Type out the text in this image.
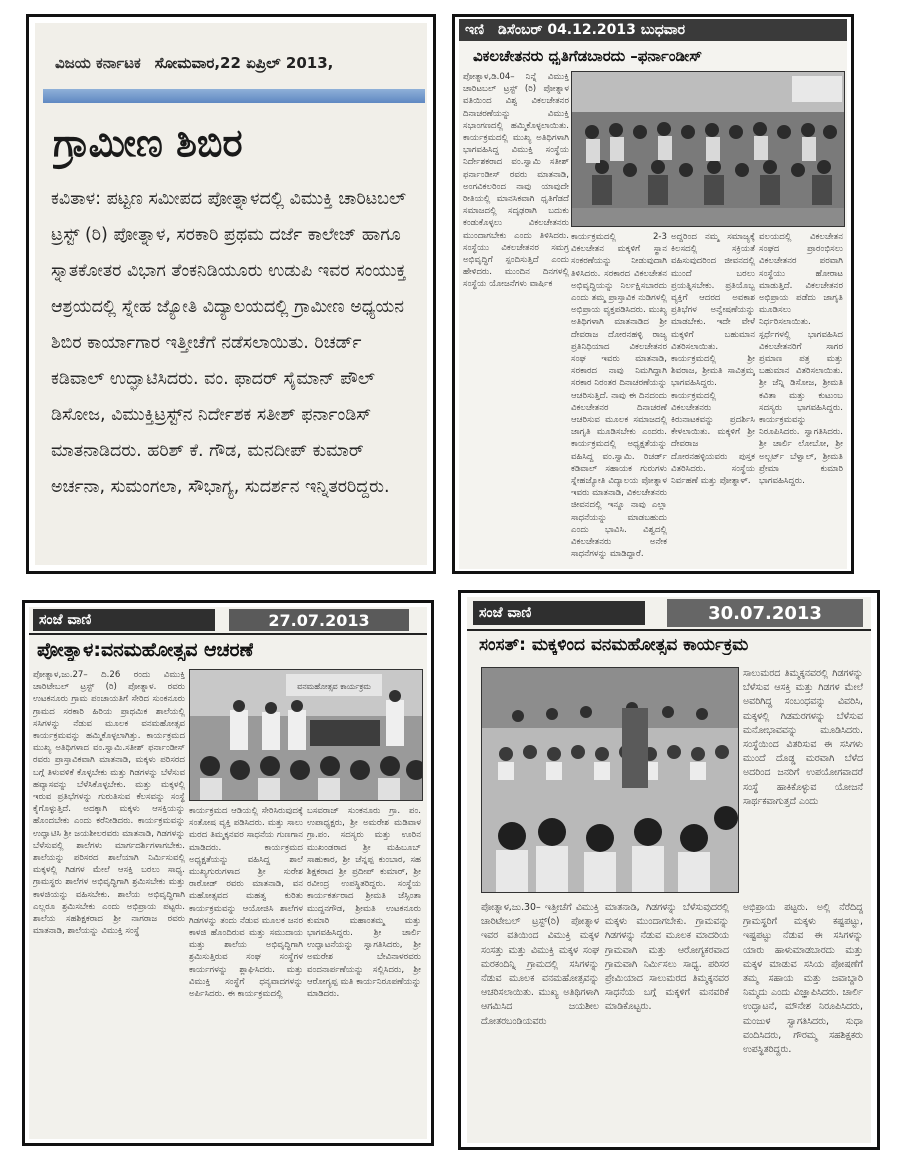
ವಿಜಯ ಕರ್ನಾಟಕ ಸೋಮವಾರ,22 ಏಪ್ರಿಲ್ 2013,
ಗ್ರಾಮೀಣ ಶಿಬಿರ
ಕವಿತಾಳ: ಪಟ್ಟಣ ಸಮೀಪದ ಪೋತ್ನಾಳದಲ್ಲಿ ವಿಮುಕ್ತಿ ಚಾರಿಟಬಲ್ ಟ್ರಸ್ಟ್ (ರಿ) ಪೋತ್ನಾಳ, ಸರಕಾರಿ ಪ್ರಥಮ ದರ್ಜೆ ಕಾಲೇಜ್ ಹಾಗೂ ಸ್ನಾತಕೋತರ ವಿಭಾಗ ತೆಂಕನಿಡಿಯೂರು ಉಡುಪಿ ಇವರ ಸಂಯುಕ್ತ ಆಶ್ರಯದಲ್ಲಿ ಸ್ನೇಹ ಜ್ಯೋತಿ ವಿದ್ಯಾಲಯದಲ್ಲಿ ಗ್ರಾಮೀಣ ಅಧ್ಯಯನ ಶಿಬಿರ ಕಾರ್ಯಾಗಾರ ಇತ್ತೀಚೆಗೆ ನಡೆಸಲಾಯಿತು. ರಿಚರ್ಡ್ ಕಡಿವಾಲ್ ಉದ್ಘಾಟಿಸಿದರು. ವಂ. ಫಾದರ್ ಸೈಮಾನ್ ಪೌಲ್ ಡಿಸೋಜ, ವಿಮುಕ್ತಿಟ್ರಸ್ಟ್‌ನ ನಿರ್ದೇಶಕ ಸತೀಶ್ ಫರ್ನಾಂಡಿಸ್ ಮಾತನಾಡಿದರು. ಹರಿಶ್ ಕೆ. ಗೌಡ, ಮನದೀಪ್ ಕುಮಾರ್ ಅರ್ಚನಾ, ಸುಮಂಗಲಾ, ಸೌಭಾಗ್ಯ, ಸುದರ್ಶನ ಇನ್ನಿತರರಿದ್ದರು.
ಇಣಿ ಡಿಸೆಂಬರ್ 04.12.2013 ಬುಧವಾರ
ವಿಕಲಚೇತನರು ಧೃತಿಗೆಡಬಾರದು –ಫರ್ನಾಂಡೀಸ್
ಪೋತ್ನಾಳ,ಡಿ.04– ನಿನ್ನೆ ವಿಮುಕ್ತಿ ಚಾರಿಟಬಲ್ ಟ್ರಸ್ಟ್ (ರಿ) ಪೋತ್ನಾಳ ವತಿಯಿಂದ ವಿಶ್ವ ವಿಕಲಚೇತನರ ದಿನಾಚರಣೆಯನ್ನು ವಿಮುಕ್ತಿ ಸಭಾಂಗಣದಲ್ಲಿ ಹಮ್ಮಿಕೊಳ್ಳಲಾಯಿತು. ಕಾರ್ಯಕ್ರಮದಲ್ಲಿ ಮುಖ್ಯ ಅತಿಥಿಗಳಾಗಿ ಭಾಗವಹಿಸಿದ್ದ ವಿಮುಕ್ತಿ ಸಂಸ್ಥೆಯ ನಿರ್ದೇಶಕರಾದ ವಂ.ಸ್ವಾಮಿ ಸತೀಶ್ ಫರ್ನಾಂಡೀಸ್ ರವರು ಮಾತನಾಡಿ, ಅಂಗವಿಕಲರಿಂದ ನಾವು ಯಾವುದೇ ರೀತಿಯಲ್ಲಿ ಮಾನಸಿಕವಾಗಿ ಧೃತಿಗೆಡದೆ ಸಮಾಜದಲ್ಲಿ ಸದೃಢರಾಗಿ ಬದುಕು ಕಂಡುಕೊಳ್ಳಲು ವಿಕಲಚೇತನರು ಮುಂದಾಗಬೇಕು ಎಂದು ತಿಳಿಸಿದರು. ಸಂಸ್ಥೆಯು ವಿಕಲಚೇತನರ ಸಮಗ್ರ ಅಭಿವೃದ್ಧಿಗೆ ಸ್ಪಂದಿಸುತ್ತಿದೆ ಎಂದು ಹೇಳಿದರು. ಮುಂದಿನ ದಿನಗಳಲ್ಲಿ ಸಂಸ್ಥೆಯ ಯೋಜನೆಗಳು ವಾರ್ಷಿಕ
ಕಾರ್ಯಕ್ರಮದಲ್ಲಿ 2-3 ವಿಕಲಚೇತನ ಮಕ್ಕಳಿಗೆ ಸ್ಥಾನ ಸಂಕರಣೆಯನ್ನು ನೀಡುವುದಾಗಿ ತಿಳಿಸಿದರು. ಸರಕಾರದ ವಿಕಲಚೇತನ ಅಭಿವೃದ್ಧಿಯನ್ನು ನಿರ್ಲಕ್ಷಿಸಬಾರದು ಎಂದು ತಮ್ಮ ಪ್ರಾಸ್ತಾವಿಕ ನುಡಿಗಳಲ್ಲಿ ಅಭಿಪ್ರಾಯ ವ್ಯಕ್ತಪಡಿಸಿದರು. ಮುಖ್ಯ ಅತಿಥಿಗಳಾಗಿ ಮಾತನಾಡಿದ ಶ್ರೀ ದೇವರಾಜ ದೋರನಹಳ್ಳಿ ರಾಜ್ಯ ಪ್ರತಿನಿಧಿಯಾದ ವಿಕಲಚೇತನರ ಸಂಘ ಇವರು ಮಾತನಾಡಿ, ಸರಕಾರದ ನಾವು ನಿಮಗಿದ್ದಾಗಿ ಸರಕಾರ ನಿರಂತರ ದಿನಾಚರಣೆಯನ್ನು ಆಚರಿಸುತ್ತಿದೆ. ನಾವು ಈ ದಿನದಂದು ವಿಕಲಚೇತನರ ದಿನಾಚರಣೆ ಆಚರಿಸುವ ಮೂಲಕ ಸಮಾಜದಲ್ಲಿ ಜಾಗೃತಿ ಮೂಡಿಸಬೇಕು ಎಂದರು. ಕಾರ್ಯಕ್ರಮದಲ್ಲಿ ಅಧ್ಯಕ್ಷತೆಯನ್ನು ವಹಿಸಿದ್ದ ವಂ.ಸ್ವಾಮಿ. ರಿಚರ್ಡ್ ಕಡಿವಾಲ್ ಸಹಾಯಕ ಗುರುಗಳು ಸ್ನೇಹಜ್ಯೋತಿ ವಿದ್ಯಾಲಯ ಪೋತ್ನಾಳ ಇವರು ಮಾತನಾಡಿ, ವಿಕಲಚೇತನರು ಜೀವನದಲ್ಲಿ ಇನ್ನೂ ನಾವು ಎಲ್ಲಾ ಸಾಧನೆಯನ್ನು ಮಾಡಬಹುದು ಎಂದು ಭಾವಿಸಿ. ವಿಶ್ವದಲ್ಲಿ ವಿಕಲಚೇತನರು ಅನೇಕ ಸಾಧನೆಗಳನ್ನು ಮಾಡಿದ್ದಾರೆ.
ಅದ್ದರಿಂದ ನಮ್ಮ ಸಮಾಜ್ಯಕ್ಕೆ ಕಿಲಸದಲ್ಲಿ ಸಕ್ರಿಯತೆ ವಹಿಸುವುದರಿಂದ ಜೀವನದಲ್ಲಿ ಮುಂದೆ ಬರಲು ಪ್ರಯತ್ನಿಸಬೇಕು. ಪ್ರತಿಯೊಬ್ಬ ವ್ಯಕ್ತಿಗೆ ಆದರದ ಅವಕಾಶ ಪ್ರತಿಭೆಗಳ ಅನ್ವೇಷಣೆಯನ್ನು ಮಾಡಬೇಕು. ಇದೇ ವೇಳೆ ಮಕ್ಕಳಿಗೆ ಬಹುಮಾನ ವಿತರಿಸಲಾಯಿತು. ಕಾರ್ಯಕ್ರಮದಲ್ಲಿ ಶ್ರೀ ಶಿವರಾಜ, ಶ್ರೀಮತಿ ಸಾವಿತ್ರಮ್ಮ ಭಾಗವಹಿಸಿದ್ದರು. ಕಾರ್ಯಕ್ರಮದಲ್ಲಿ ವಿಕಲಚೇತನರು ಕಿರುನಾಟಕವನ್ನು ಪ್ರದರ್ಶಿಸಿ ಕೇಳಲಾಯಿತು. ಮಕ್ಕಳಿಗೆ ಶ್ರೀ ದೇವರಾಜ ದೋರನಹಳ್ಳಿಯವರು ಪುಸ್ತಕ ವಿತರಿಸಿದರು. ಸಂಸ್ಥೆಯ ನಿರ್ವಹಣೆ ಮತ್ತು ಪೋತ್ನಾಳ್.
ವಲಯದಲ್ಲಿ ವಿಕಲಚೇತನ ಸಂಘದ ಪ್ರಾರಂಭಿಸಲು ವಿಕಲಚೇತನರ ಪರವಾಗಿ ಸಂಸ್ಥೆಯು ಹೋರಾಟ ಮಾಡುತ್ತಿದೆ. ವಿಕಲಚೇತನರ ಅಭಿಪ್ರಾಯ ಪಡೆದು ಜಾಗೃತಿ ಮೂಡಿಸಲು ನಿರ್ಧರಿಸಲಾಯಿತು. ಸ್ಪರ್ಧೆಗಳಲ್ಲಿ ಭಾಗವಹಿಸಿದ ವಿಕಲಚೇತನರಿಗೆ ಸಾಗರ ಪ್ರಮಾಣ ಪತ್ರ ಮತ್ತು ಬಹುಮಾನ ವಿತರಿಸಲಾಯಿತು. ಶ್ರೀ ಜೆನ್ನಿ ಡಿಸೋಜ, ಶ್ರೀಮತಿ ಕವಿತಾ ಮತ್ತು ಕುಟುಂಬ ಸದಸ್ಯರು ಭಾಗವಹಿಸಿದ್ದರು. ಕಾರ್ಯಕ್ರಮವನ್ನು ನಿರೂಪಿಸಿದರು. ಸ್ವಾಗತಿಸಿದರು. ಶ್ರೀ ಚಾರ್ಲಿ ಲೋಬೋ, ಶ್ರೀ ಅಲ್ಬರ್ಟ್ ಬೆಳ್ವಾಲ್, ಶ್ರೀಮತಿ ಪ್ರೇಮಾ ಕುಮಾರಿ ಭಾಗವಹಿಸಿದ್ದರು.
ಸಂಜೆ ವಾಣಿ	27.07.2013
ಪೋತ್ನಾಳ:ವನಮಹೋತ್ಸವ ಆಚರಣೆ
ಪೋತ್ನಾಳ,ಜು.27– ದಿ.26 ರಂದು ವಿಮುಕ್ತಿ ಚಾರಿಟೇಬಲ್ ಟ್ರಸ್ಟ್ (ರಿ) ಪೋತ್ನಾಳ. ರವರು ಉಟಕನೂರು ಗ್ರಾಮ ಪಂಚಾಯತಿಗೆ ಸೇರಿದ ಸುಂಕನೂರು ಗ್ರಾಮದ ಸರಕಾರಿ ಹಿರಿಯ ಪ್ರಾಥಮಿಕ ಶಾಲೆಯಲ್ಲಿ ಸಸಿಗಳನ್ನು ನೆಡುವ ಮೂಲಕ ವನಮಹೋತ್ಸವ ಕಾರ್ಯಕ್ರಮವನ್ನು ಹಮ್ಮಿಕೊಳ್ಳಲಾಗಿತ್ತು. ಕಾರ್ಯಕ್ರಮದ ಮುಖ್ಯ ಅತಿಥಿಗಳಾದ ವಂ.ಸ್ವಾಮಿ.ಸತೀಶ್ ಫರ್ನಾಂಡೀಸ್ ರವರು ಪ್ರಾಸ್ತಾವಿಕವಾಗಿ ಮಾತನಾಡಿ, ಮಕ್ಕಳು ಪರಿಸರದ ಬಗ್ಗೆ ತಿಳುವಳಿಕೆ ಕೊಳ್ಳಬೇಕು ಮತ್ತು ಗಿಡಗಳನ್ನು ಬೆಳೆಸುವ ಹವ್ಯಾಸವನ್ನು ಬೆಳೆಸಿಕೊಳ್ಳಬೇಕು. ಮತ್ತು ಮಕ್ಕಳಲ್ಲಿ ಇರುವ ಪ್ರತಿಭೆಗಳನ್ನು ಗುರುತಿಸುವ ಕೆಲಸವನ್ನು ಸಂಸ್ಥೆ ಕೈಗೊಳ್ಳುತ್ತಿದೆ. ಅದಕ್ಕಾಗಿ ಮಕ್ಕಳು ಆಸಕ್ತಿಯನ್ನು ಹೊಂದಬೇಕು ಎಂದು ಕರೆನೀಡಿದರು. ಕಾರ್ಯಕ್ರಮವನ್ನು ಉದ್ಘಾಟಿಸಿ ಶ್ರೀ ಜಯಶೀಲರವರು ಮಾತನಾಡಿ, ಗಿಡಗಳನ್ನು ಬೆಳೆಸುವಲ್ಲಿ ಶಾಲೆಗಳು ಮಾರ್ಗದರ್ಶಿಗಳಾಗಬೇಕು. ಶಾಲೆಯನ್ನು ಪರಿಸರದ ಶಾಲೆಯಾಗಿ ನಿರ್ಮಿಸುವಲ್ಲಿ ಮಕ್ಕಳಲ್ಲಿ ಗಿಡಗಳ ಮೇಲೆ ಆಸಕ್ತಿ ಬರಲು ಸಾಧ್ಯ. ಗ್ರಾಮಸ್ಥರು ಶಾಲೆಗಳ ಅಭಿವೃದ್ಧಿಗಾಗಿ ಶ್ರಮಿಸಬೇಕು ಮತ್ತು ಕಾಳಜಿಯನ್ನು ವಹಿಸಬೇಕು. ಶಾಲೆಯ ಅಭಿವೃದ್ಧಿಗಾಗಿ ಎಲ್ಲರೂ ಶ್ರಮಿಸಬೇಕು ಎಂದು ಅಭಿಪ್ರಾಯ ಪಟ್ಟರು. ಶಾಲೆಯ ಸಹಶಿಕ್ಷಕರಾದ ಶ್ರೀ ನಾಗರಾಜ ರವರು ಮಾತನಾಡಿ, ಶಾಲೆಯನ್ನು ವಿಮುಕ್ತಿ ಸಂಸ್ಥೆ
ವನಮಹೋತ್ಸವ ಕಾರ್ಯಕ್ರಮ
ಕಾರ್ಯಕ್ರಮದ ಆಡಿಯಲ್ಲಿ ಸೇರಿಸಿರುವುದಕ್ಕೆ ಸಂತೋಷ ವ್ಯಕ್ತಿ ಪಡಿಸಿದರು. ಮತ್ತು ಸಾಲು ಮರದ ತಿಮ್ಮಕ್ಕನವರ ಸಾಧನೆಯ ಗುಣಗಾನ ಮಾಡಿದರು. ಕಾರ್ಯಕ್ರಮದ ಅಧ್ಯಕ್ಷತೆಯನ್ನು ವಹಿಸಿದ್ದ ಶಾಲೆ ಮುಖ್ಯಗುರುಗಳಾದ ಶ್ರೀ ಸುರೇಶ ರಾಠೋಡ್ ರವರು ಮಾತನಾಡಿ, ವನ ಮಹೋತ್ಸವದ ಮಹತ್ವ ಕುರಿತು ಕಾರ್ಯಕ್ರಮವನ್ನು ಆಯೋಜಿಸಿ ಶಾಲೆಗಳ ಗಿಡಗಳನ್ನು ತಂದು ನೆಡುವ ಮೂಲಕ ಜನರ ಕಾಳಜಿ ಹೊಂದಿರುವ ಮತ್ತು ಸಮುದಾಯ ಮತ್ತು ಶಾಲೆಯ ಅಭಿವೃದ್ಧಿಗಾಗಿ ಶ್ರಮಿಸುತ್ತಿರುವ ಸಂಘ ಸಂಸ್ಥೆಗಳ ಕಾರ್ಯಗಳನ್ನು ಶ್ಲಾಘಿಸಿದರು. ಮತ್ತು ವಿಮುಕ್ತಿ ಸಂಸ್ಥೆಗೆ ಧನ್ಯವಾದಗಳನ್ನು ಅರ್ಪಿಸಿದರು. ಈ ಕಾರ್ಯಕ್ರಮದಲ್ಲಿ
ಬಸವರಾಜ್ ಸುಂಕನೂರು ಗ್ರಾ. ಪಂ. ಉಪಾಧ್ಯಕ್ಷರು, ಶ್ರೀ ಅಮರೇಶ ಮಡಿವಾಳ ಗ್ರಾ.ಪಂ. ಸದಸ್ಯರು ಮತ್ತು ಊರಿನ ಮುಖಂಡರಾದ ಶ್ರೀ ಮಹಿಬೂಬ್ ಸಾಹುಕಾರ, ಶ್ರೀ ಚೆನ್ನಪ್ಪ ಕುಂಬಾರ, ಸಹ ಶಿಕ್ಷಕರಾದ ಶ್ರೀ ಪ್ರದೀಪ್ ಕುಮಾರ್, ಶ್ರೀ ರವೀಂದ್ರ ಉಪಸ್ಥಿತರಿದ್ದರು. ಸಂಸ್ಥೆಯ ಕಾರ್ಯಕರ್ತರಾದ ಶ್ರೀಮತಿ ಜೆಸ್ಸಿಂತಾ ಮುದ್ದನಗೌಡ, ಶ್ರೀಮತಿ ಉಟಕನೂರು ಕುಮಾರಿ ಮಹಾಂತಮ್ಮ ಮತ್ತು ಭಾಗವಹಿಸಿದ್ದರು. ಶ್ರೀ ಚಾರ್ಲಿ ಉದ್ಘಾಟನೆಯನ್ನು ಸ್ವಾಗತಿಸಿದರು, ಶ್ರೀ ಅಮರೇಶ ಬೇವಿನಾಳರವರು ವಂದನಾರ್ಪಣೆಯನ್ನು ಸಲ್ಲಿಸಿದರು, ಶ್ರೀ ಆರೋಗ್ಯಪ್ಪ ಮತಿ ಕಾರ್ಯನಿರೂಪಣೆಯನ್ನು ಮಾಡಿದರು.
ಸಂಜೆ ವಾಣಿ	30.07.2013
ಸಂಸತ್: ಮಕ್ಕಳಿಂದ ವನಮಹೋತ್ಸವ ಕಾರ್ಯಕ್ರಮ
ಸಾಲುಮರದ ತಿಮ್ಮಕ್ಕನವರಲ್ಲಿ ಗಿಡಗಳನ್ನು ಬೆಳೆಸುವ ಆಸಕ್ತಿ ಮತ್ತು ಗಿಡಗಳ ಮೇಲೆ ಅವರಿಗಿದ್ದ ಸಂಬಂಧವನ್ನು ವಿವರಿಸಿ, ಮಕ್ಕಳಲ್ಲಿ ಗಿಡಮರಗಳನ್ನು ಬೆಳೆಸುವ ಮನೋಭಾವವನ್ನು ಮೂಡಿಸಿದರು. ಸಂಸ್ಥೆಯಿಂದ ವಿತರಿಸುವ ಈ ಸಸಿಗಳು ಮುಂದೆ ದೊಡ್ಡ ಮರವಾಗಿ ಬೆಳೆದ ಅದರಿಂದ ಜನರಿಗೆ ಉಪಯೋಗವಾದರೆ ಸಂಸ್ಥೆ ಹಾಕಿಕೊಳ್ಳುವ ಯೋಜನೆ ಸಾರ್ಥಕವಾಗುತ್ತದೆ ಎಂದು
ಪೋತ್ನಾಳ,ಜು.30– ಇತ್ತೀಚೆಗೆ ವಿಮುಕ್ತಿ ಚಾರಿಟೇಬಲ್ ಟ್ರಸ್ಟ್(ರಿ) ಪೋತ್ನಾಳ ಇವರ ವತಿಯಿಂದ ವಿಮುಕ್ತಿ ಮಕ್ಕಳ ಸಂಸತ್ತು ಮತ್ತು ವಿಮುಕ್ತಿ ಮಕ್ಕಳ ಸಂಘ ಮರಕಂದಿನ್ನಿ ಗ್ರಾಮದಲ್ಲಿ ಸಸಿಗಳನ್ನು ನೆಡುವ ಮೂಲಕ ವನಮಹೋತ್ಸವನ್ನು ಆಚರಿಸಲಾಯಿತು. ಮುಖ್ಯ ಅತಿಥಿಗಳಾಗಿ ಆಗಮಿಸಿದ ಜಯಶೀಲ ದೋತರಬಂಡಿಯವರು
ಮಾತನಾಡಿ, ಗಿಡಗಳನ್ನು ಬೆಳೆಸುವುದರಲ್ಲಿ ಮಕ್ಕಳು ಮುಂದಾಗಬೇಕು. ಗ್ರಾಮವನ್ನು ಗಿಡಗಳನ್ನು ನೆಡುವ ಮೂಲಕ ಮಾದರಿಯ ಗ್ರಾಮವಾಗಿ ಮತ್ತು ಆರೋಗ್ಯಕರವಾದ ಗ್ರಾಮವಾಗಿ ನಿರ್ಮಿಸಲು ಸಾಧ್ಯ. ಪರಿಸರ ಪ್ರೇಮಿಯಾದ ಸಾಲುಮರದ ತಿಮ್ಮಕ್ಕನವರ ಸಾಧನೆಯ ಬಗ್ಗೆ ಮಕ್ಕಳಿಗೆ ಮನವರಿಕೆ ಮಾಡಿಕೊಟ್ಟರು.
ಅಭಿಪ್ರಾಯ ಪಟ್ಟರು. ಅಲ್ಲಿ ನೆರೆದಿದ್ದ ಗ್ರಾಮಸ್ಥರಿಗೆ ಮಕ್ಕಳು ಕಷ್ಟಪಟ್ಟು, ಇಷ್ಟಪಟ್ಟು ನೆಡುವ ಈ ಸಸಿಗಳನ್ನು ಯಾರು ಹಾಳುಮಾಡಬಾರದು ಮತ್ತು ಮಕ್ಕಳ ಮಾಡುವ ಸಸಿಯ ಪೋಷಣೆಗೆ ತಮ್ಮ ಸಹಾಯ ಮತ್ತು ಜವಾಬ್ದಾರಿ ನಿಮ್ಮದು ಎಂದು ವಿಜ್ಞಾಪಿಸಿದರು. ಚಾರ್ಲಿ ಉದ್ಘಾಟನೆ, ಮೌನೇಶ ನಿರೂಪಿಸಿದರು, ಮಂಜುಳ ಸ್ವಾಗತಿಸಿದರು, ಸುಧಾ ವಂದಿಸಿದರು, ಗೌರಮ್ಮ ಸಹಶಿಕ್ಷಕರು ಉಪಸ್ಥಿತರಿದ್ದರು.
